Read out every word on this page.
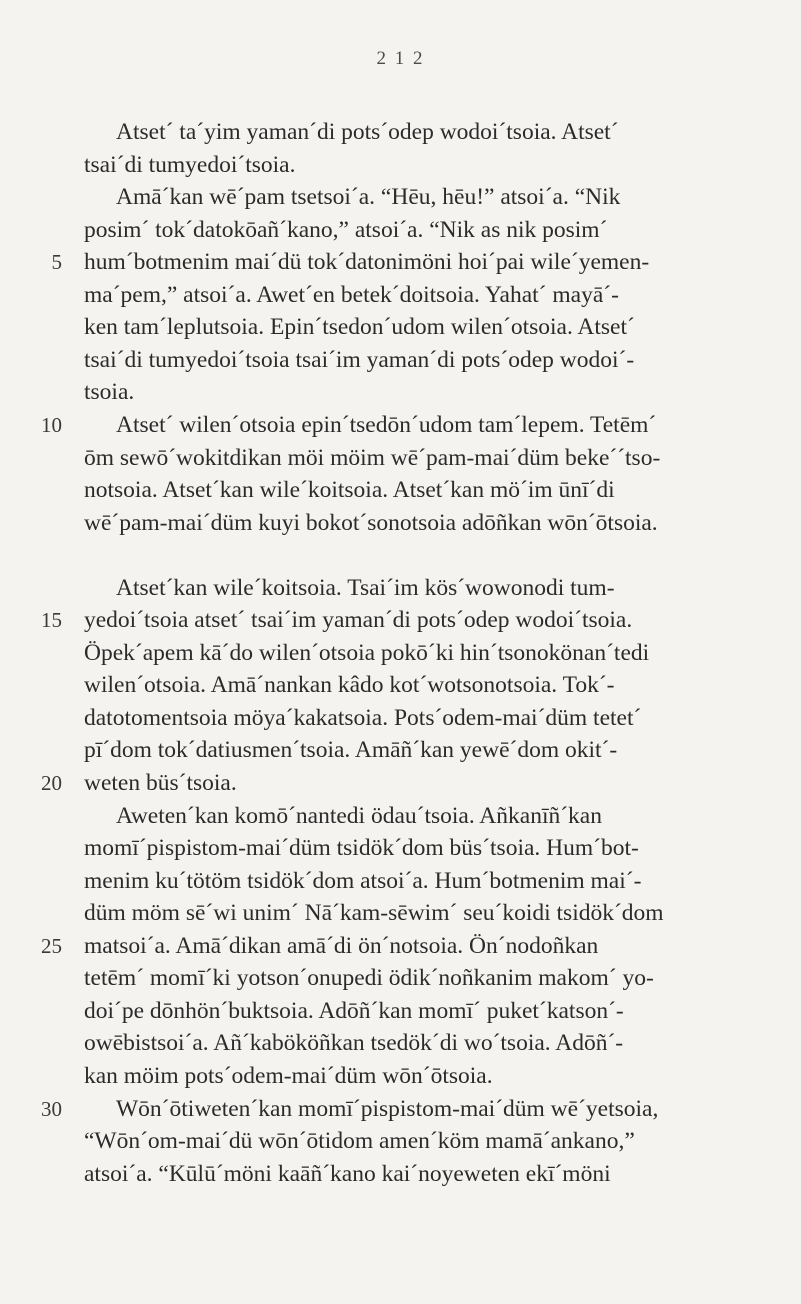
2 1 2
Atset´ ta´yim yaman´di pots´odep wodoi´tsoia. Atset´
tsai´di tumyedoi´tsoia.
Amā´kan wē´pam tsetsoi´a. “Hēu, hēu!” atsoi´a. “Nik
posim´ tok´datokōañ´kano,” atsoi´a. “Nik as nik posim´
5 hum´botmenim mai´dü tok´datonimöni hoi´pai wile´yemen-
ma´pem,” atsoi´a. Awet´en betek´doitsoia. Yahat´ mayā´-
ken tam´leplutsoia. Epin´tsedon´udom wilen´otsoia. Atset´
tsai´di tumyedoi´tsoia tsai´im yaman´di pots´odep wodoi´-
tsoia.
10 Atset´ wilen´otsoia epin´tsedōn´udom tam´lepem. Tetēm´
ōm sewō´wokitdikan möi möim wē´pam-mai´düm beke´´tso-
notsoia. Atset´kan wile´koitsoia. Atset´kan mö´im ūnī´di
wē´pam-mai´düm kuyi bokot´sonotsoia adōñkan wōn´ōtsoia.
Atset´kan wile´koitsoia. Tsai´im kös´wowonodi tum-
15 yedoi´tsoia atset´ tsai´im yaman´di pots´odep wodoi´tsoia.
Öpek´apem kā´do wilen´otsoia pokō´ki hin´tsonokönan´tedi
wilen´otsoia. Amā´nankan kâdo kot´wotsonotsoia. Tok´-
datotomentsoia möya´kakatsoia. Pots´odem-mai´düm tetet´
pī´dom tok´datiusmen´tsoia. Amāñ´kan yewē´dom okit´-
20 weten büs´tsoia.
Aweten´kan komō´nantedi ödau´tsoia. Añkanīñ´kan
momī´pispistom-mai´düm tsidök´dom büs´tsoia. Hum´bot-
menim ku´tötöm tsidök´dom atsoi´a. Hum´botmenim mai´-
düm möm sē´wi unim´ Nā´kam-sēwim´ seu´koidi tsidök´dom
25 matsoi´a. Amā´dikan amā´di ön´notsoia. Ön´nodoñkan
tetēm´ momī´ki yotson´onupedi ödik´noñkanim makom´ yo-
doi´pe dōnhön´buktsoia. Adōñ´kan momī´ puket´katson´-
owēbistsoi´a. Añ´kabököñkan tsedök´di wo´tsoia. Adōñ´-
kan möim pots´odem-mai´düm wōn´ōtsoia.
30 Wōn´ōtiweten´kan momī´pispistom-mai´düm wē´yetsoia,
“Wōn´om-mai´dü wōn´ōtidom amen´köm mamā´ankano,”
atsoi´a. “Kūlū´möni kaāñ´kano kai´noyeweten ekī´möni
